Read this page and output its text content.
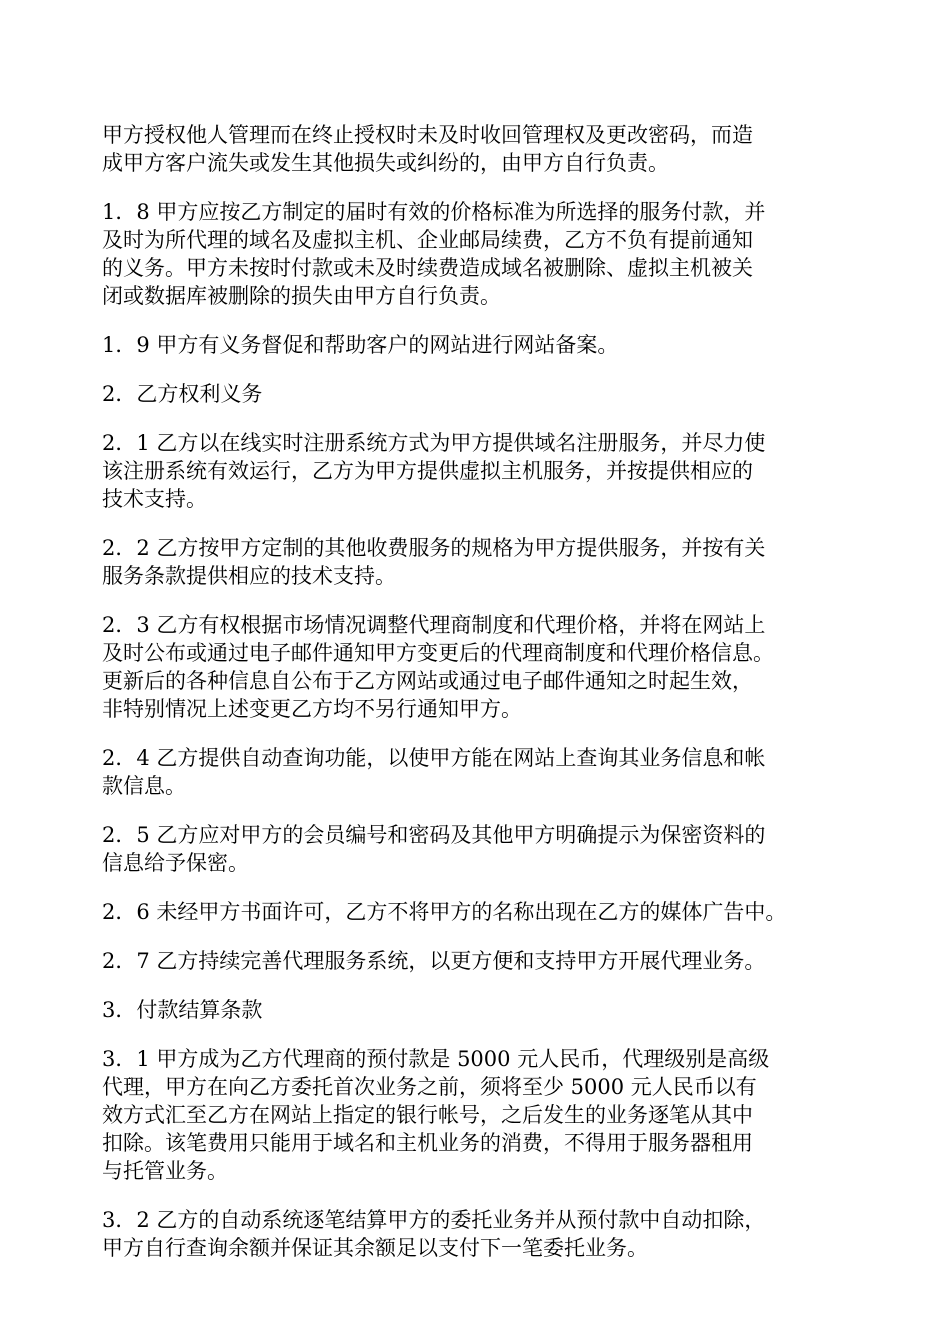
甲方授权他人管理而在终止授权时未及时收回管理权及更改密码，而造
成甲方客户流失或发生其他损失或纠纷的，由甲方自行负责。

1．8 甲方应按乙方制定的届时有效的价格标准为所选择的服务付款，并
及时为所代理的域名及虚拟主机、企业邮局续费，乙方不负有提前通知
的义务。甲方未按时付款或未及时续费造成域名被删除、虚拟主机被关
闭或数据库被删除的损失由甲方自行负责。

1．9 甲方有义务督促和帮助客户的网站进行网站备案。

2．乙方权利义务

2．1 乙方以在线实时注册系统方式为甲方提供域名注册服务，并尽力使
该注册系统有效运行，乙方为甲方提供虚拟主机服务，并按提供相应的
技术支持。

2．2 乙方按甲方定制的其他收费服务的规格为甲方提供服务，并按有关
服务条款提供相应的技术支持。

2．3 乙方有权根据市场情况调整代理商制度和代理价格，并将在网站上
及时公布或通过电子邮件通知甲方变更后的代理商制度和代理价格信息。
更新后的各种信息自公布于乙方网站或通过电子邮件通知之时起生效，
非特别情况上述变更乙方均不另行通知甲方。

2．4 乙方提供自动查询功能，以使甲方能在网站上查询其业务信息和帐
款信息。

2．5 乙方应对甲方的会员编号和密码及其他甲方明确提示为保密资料的
信息给予保密。

2．6 未经甲方书面许可，乙方不将甲方的名称出现在乙方的媒体广告中。

2．7 乙方持续完善代理服务系统，以更方便和支持甲方开展代理业务。

3．付款结算条款

3．1 甲方成为乙方代理商的预付款是 5000 元人民币，代理级别是高级
代理，甲方在向乙方委托首次业务之前，须将至少 5000 元人民币以有
效方式汇至乙方在网站上指定的银行帐号，之后发生的业务逐笔从其中
扣除。该笔费用只能用于域名和主机业务的消费，不得用于服务器租用
与托管业务。

3．2 乙方的自动系统逐笔结算甲方的委托业务并从预付款中自动扣除，
甲方自行查询余额并保证其余额足以支付下一笔委托业务。
